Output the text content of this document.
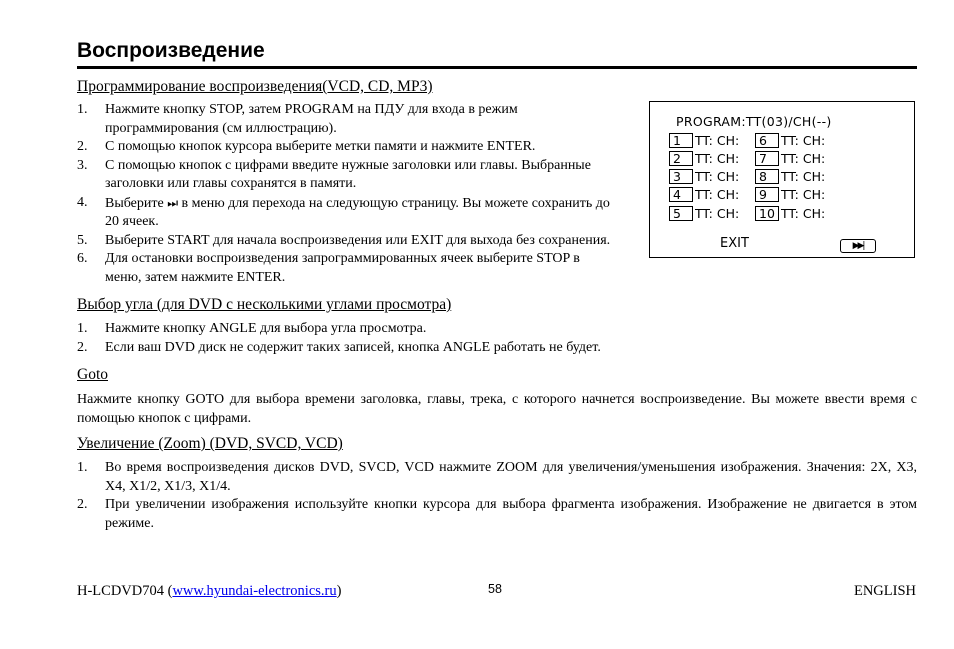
Воспроизведение
Программирование воспроизведения(VCD, CD, MP3)
1. Нажмите кнопку STOP, затем PROGRAM на ПДУ для входа в режим программирования (см иллюстрацию).
2. С помощью кнопок курсора выберите метки памяти и нажмите ENTER.
3. С помощью кнопок с цифрами введите нужные заголовки или главы. Выбранные заголовки или главы сохранятся в памяти.
4. Выберите ⏭ в меню для перехода на следующую страницу. Вы можете сохранить до 20 ячеек.
5. Выберите START для начала воспроизведения или EXIT для выхода без сохранения.
6. Для остановки воспроизведения запрограммированных ячеек выберите STOP в меню, затем нажмите ENTER.
Выбор угла (для DVD с несколькими углами просмотра)
1. Нажмите кнопку ANGLE для выбора угла просмотра.
2. Если ваш DVD диск не содержит таких записей, кнопка ANGLE работать не будет.
Goto

Нажмите кнопку GOTO для выбора времени заголовка, главы, трека, с которого начнется воспроизведение. Вы можете ввести время с помощью кнопок с цифрами.

Увеличение (Zoom) (DVD, SVCD, VCD)
1. Во время воспроизведения дисков DVD, SVCD, VCD нажмите ZOOM для увеличения/уменьшения изображения. Значения: 2X, X3, X4, X1/2, X1/3, X1/4.
2. При увеличении изображения используйте кнопки курсора для выбора фрагмента изображения. Изображение не двигается в этом режиме.
PROGRAM:TT(03)/CH(--)
1 TT: CH: 6 TT: CH:
2 TT: CH: 7 TT: CH:
3 TT: CH: 8 TT: CH:
4 TT: CH: 9 TT: CH:
5 TT: CH: 10 TT: CH:
EXIT	▶▶|
H-LCDVD704 (www.hyundai-electronics.ru)	58	ENGLISH
